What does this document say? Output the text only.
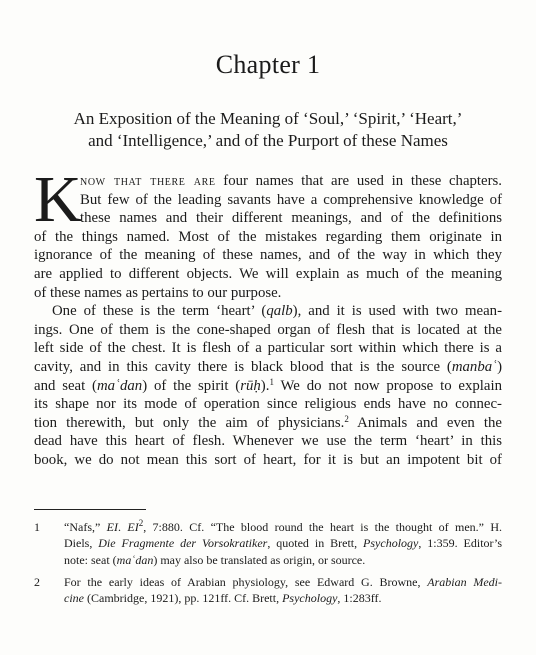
Chapter 1
An Exposition of the Meaning of ‘Soul,’ ‘Spirit,’ ‘Heart,’
and ‘Intelligence,’ and of the Purport of these Names
K
now that there are four names that are used in these chapters.
But few of the leading savants have a comprehensive knowledge of
these names and their different meanings, and of the definitions
of the things named. Most of the mistakes regarding them originate in
ignorance of the meaning of these names, and of the way in which they
are applied to different objects. We will explain as much of the meaning
of these names as pertains to our purpose.
One of these is the term ‘heart’ (qalb), and it is used with two mean-
ings. One of them is the cone-shaped organ of flesh that is located at the
left side of the chest. It is flesh of a particular sort within which there is a
cavity, and in this cavity there is black blood that is the source (manbaʿ)
and seat (maʿdan) of the spirit (rūḥ).$^1$ We do not now propose to explain
its shape nor its mode of operation since religious ends have no connec-
tion therewith, but only the aim of physicians.$^2$ Animals and even the
dead have this heart of flesh. Whenever we use the term ‘heart’ in this
book, we do not mean this sort of heart, for it is but an impotent bit of
1 “Nafs,” EI. $EI^2$, 7:880. Cf. “The blood round the heart is the thought of men.” H.
Diels, Die Fragmente der Vorsokratiker, quoted in Brett, Psychology, 1:359. Editor’s
note: seat (maʿdan) may also be translated as origin, or source.
2 For the early ideas of Arabian physiology, see Edward G. Browne, Arabian Medi-
cine (Cambridge, 1921), pp. 121ff. Cf. Brett, Psychology, 1:283ff.
